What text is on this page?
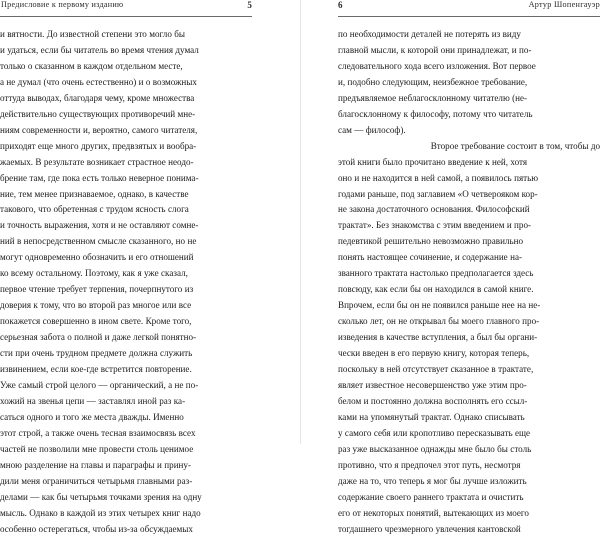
Предисловие к первому изданию	5

и вятности. До известной степени это могло бы
и удаться, если бы читатель во время чтения думал
только о сказанном в каждом отдельном месте,
а не думал (что очень естественно) и о возможных
оттуда выводах, благодаря чему, кроме множества
действительно существующих противоречий мне-
ниям современности и, вероятно, самого читателя,
приходят еще много других, предвзятых и вообра-
жаемых. В результате возникает страстное неодо-
брение там, где пока есть только неверное понима-
ние, тем менее признаваемое, однако, в качестве
такового, что обретенная с трудом ясность слога
и точность выражения, хотя и не оставляют сомне-
ний в непосредственном смысле сказанного, но не
могут одновременно обозначить и его отношений
ко всему остальному. Поэтому, как я уже сказал,
первое чтение требует терпения, почерпнутого из
доверия к тому, что во второй раз многое или все
покажется совершенно в ином свете. Кроме того,
серьезная забота о полной и даже легкой понятно-
сти при очень трудном предмете должна служить
извинением, если кое-где встретится повторение.
Уже самый строй целого — органический, а не по-
хожий на звенья цепи — заставлял иной раз ка-
саться одного и того же места дважды. Именно
этот строй, а также очень тесная взаимосвязь всех
частей не позволили мне провести столь ценимое
мною разделение на главы и параграфы и прину-
дили меня ограничиться четырьмя главными раз-
делами — как бы четырьмя точками зрения на одну
мысль. Однако в каждой из этих четырех книг надо
особенно остерегаться, чтобы из-за обсуждаемых

6	Артур Шопенгауэр

по необходимости деталей не потерять из виду
главной мысли, к которой они принадлежат, и по-
следовательного хода всего изложения. Вот первое
и, подобно следующим, неизбежное требование,
предъявляемое неблагосклонному читателю (не-
благосклонному к философу, потому что читатель
сам — философ).

Второе требование состоит в том, чтобы до
этой книги было прочитано введение к ней, хотя
оно и не находится в ней самой, а появилось пятью
годами раньше, под заглавием «О четверояком кор-
не закона достаточного основания. Философский
трактат». Без знакомства с этим введением и про-
педевтикой решительно невозможно правильно
понять настоящее сочинение, и содержание на-
званного трактата настолько предполагается здесь
повсюду, как если бы он находился в самой книге.
Впрочем, если бы он не появился раньше нее на не-
сколько лет, он не открывал бы моего главного про-
изведения в качестве вступления, а был бы органи-
чески введен в его первую книгу, которая теперь,
поскольку в ней отсутствует сказанное в трактате,
являет известное несовершенство уже этим про-
белом и постоянно должна восполнять его ссыл-
ками на упомянутый трактат. Однако списывать
у самого себя или кропотливо пересказывать еще
раз уже высказанное однажды мне было бы столь
противно, что я предпочел этот путь, несмотря
даже на то, что теперь я мог бы лучше изложить
содержание своего раннего трактата и очистить
его от некоторых понятий, вытекающих из моего
тогдашнего чрезмерного увлечения кантовской
